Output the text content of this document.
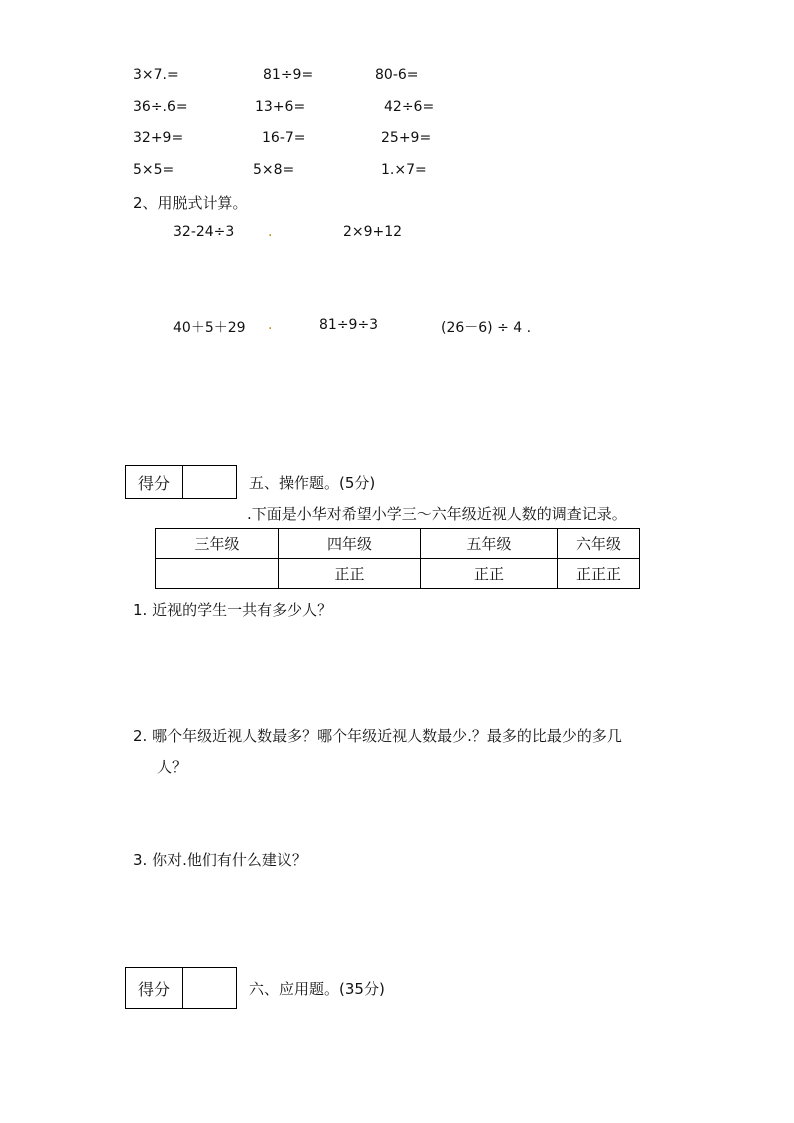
3×7.=	81÷9=	80-6=
36÷.6=	13+6=	42÷6=
32+9=	16-7=	25+9=
5×5=	5×8=	1.×7=
2、用脱式计算。
32-24÷3 .	2×9+12
40＋5＋29 .	81÷9÷3	(26－6) ÷ 4 .
得分	五、操作题。(5分)
.下面是小华对希望小学三～六年级近视人数的调查记录。
三年级	四年级	五年级	六年级
	正正	正正	正正正
1. 近视的学生一共有多少人？
2. 哪个年级近视人数最多？哪个年级近视人数最少.？最多的比最少的多几
人？
3. 你对.他们有什么建议？
得分	六、应用题。(35分)
